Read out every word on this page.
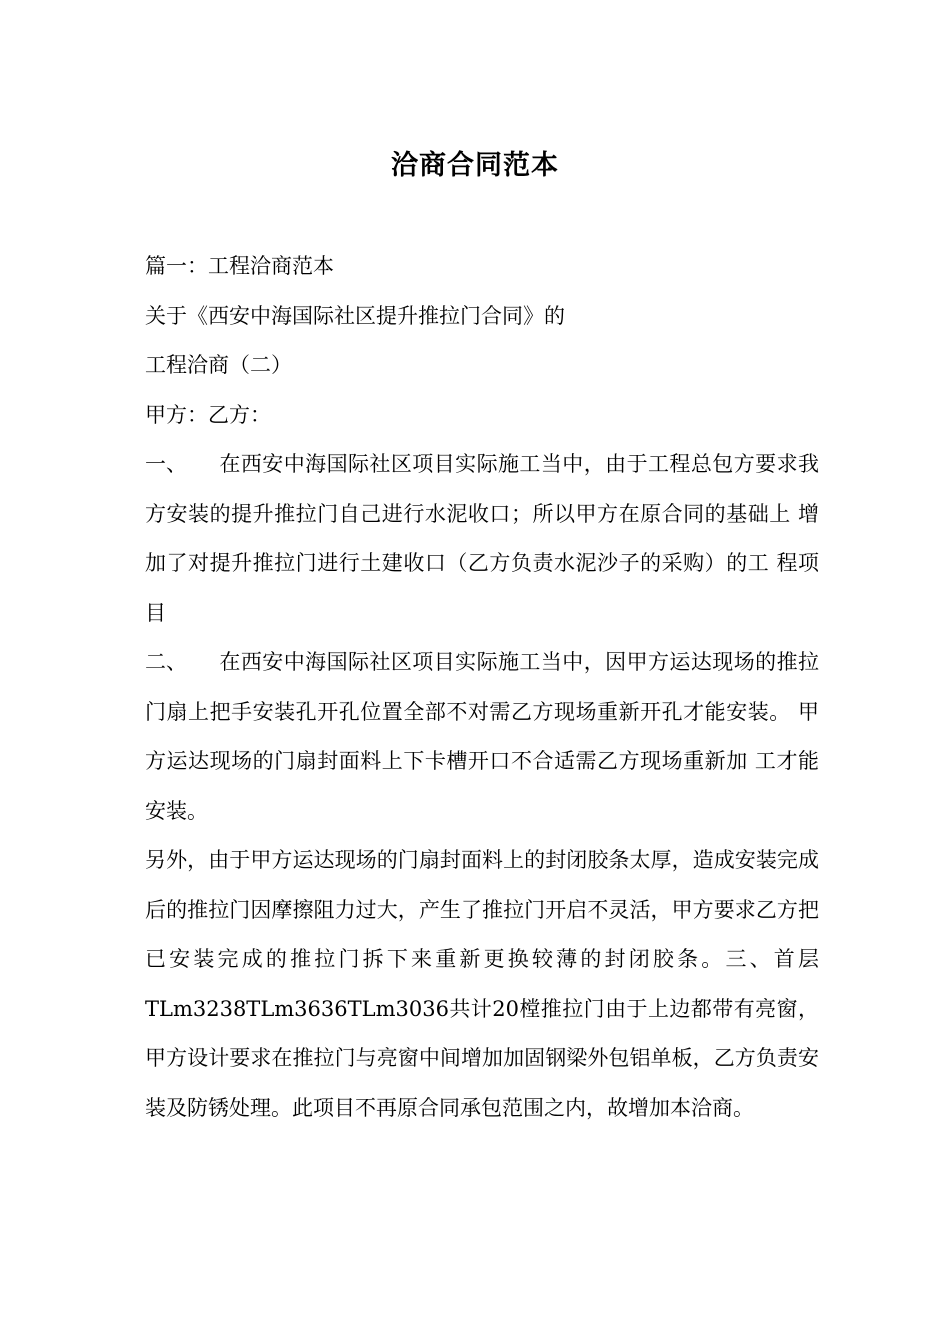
洽商合同范本

篇一：工程洽商范本

关于《西安中海国际社区提升推拉门合同》的

工程洽商（二）

甲方：乙方：

一、 在西安中海国际社区项目实际施工当中，由于工程总包方要求我 方安装的提升推拉门自己进行水泥收口；所以甲方在原合同的基础上 增加了对提升推拉门进行土建收口（乙方负责水泥沙子的采购）的工 程项目

二、 在西安中海国际社区项目实际施工当中，因甲方运达现场的推拉 门扇上把手安装孔开孔位置全部不对需乙方现场重新开孔才能安装。 甲方运达现场的门扇封面料上下卡槽开口不合适需乙方现场重新加 工才能安装。

另外，由于甲方运达现场的门扇封面料上的封闭胶条太厚，造成安装完成后的推拉门因摩擦阻力过大，产生了推拉门开启不灵活，甲方要求乙方把已安装完成的推拉门拆下来重新更换较薄的封闭胶条。三、首层TLm3238TLm3636TLm3036共计20樘推拉门由于上边都带有亮窗，甲方设计要求在推拉门与亮窗中间增加加固钢梁外包铝单板，乙方负责安装及防锈处理。此项目不再原合同承包范围之内，故增加本洽商。
